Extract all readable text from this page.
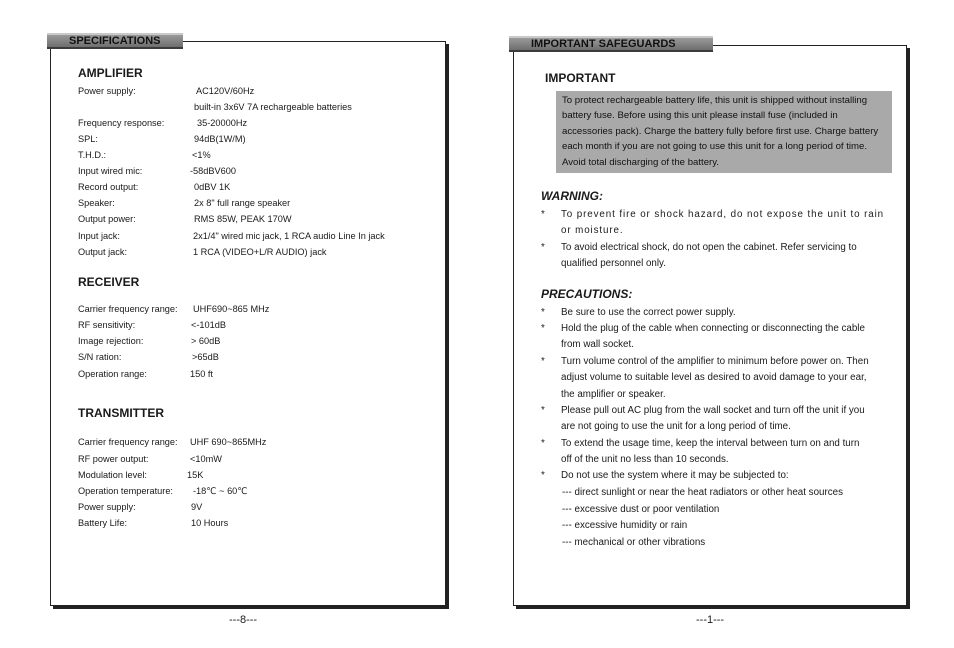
SPECIFICATIONS
AMPLIFIER
Power supply:	AC120V/60Hz
built-in 3x6V 7A rechargeable batteries
Frequency response:	35-20000Hz
SPL:	94dB(1W/M)
T.H.D.:	<1%
Input wired mic:	-58dBV600
Record output:	0dBV 1K
Speaker:	2x 8" full range speaker
Output power:	RMS 85W, PEAK 170W
Input jack:	2x1/4" wired mic jack, 1 RCA audio Line In jack
Output jack:	1 RCA (VIDEO+L/R AUDIO) jack
RECEIVER
Carrier frequency range: UHF690~865 MHz
RF sensitivity:	<-101dB
Image rejection:	> 60dB
S/N ration:	>65dB
Operation range:	150 ft
TRANSMITTER
Carrier frequency range: UHF 690~865MHz
RF power output:	<10mW
Modulation level:	15K
Operation temperature: -18℃ ~ 60℃
Power supply:	9V
Battery Life:	10 Hours
---8---
IMPORTANT SAFEGUARDS
IMPORTANT
To protect rechargeable battery life, this unit is shipped without installing battery fuse. Before using this unit please install fuse (included in accessories pack). Charge the battery fully before first use. Charge battery each month if you are not going to use this unit for a long period of time. Avoid total discharging of the battery.
WARNING:
* To prevent fire or shock hazard, do not expose the unit to rain
or moisture.
* To avoid electrical shock, do not open the cabinet. Refer servicing to
qualified personnel only.
PRECAUTIONS:
* Be sure to use the correct power supply.
* Hold the plug of the cable when connecting or disconnecting the cable
from wall socket.
* Turn volume control of the amplifier to minimum before power on. Then
adjust volume to suitable level as desired to avoid damage to your ear,
the amplifier or speaker.
* Please pull out AC plug from the wall socket and turn off the unit if you
are not going to use the unit for a long period of time.
* To extend the usage time, keep the interval between turn on and turn
off of the unit no less than 10 seconds.
* Do not use the system where it may be subjected to:
--- direct sunlight or near the heat radiators or other heat sources
--- excessive dust or poor ventilation
--- excessive humidity or rain
--- mechanical or other vibrations
---1---
